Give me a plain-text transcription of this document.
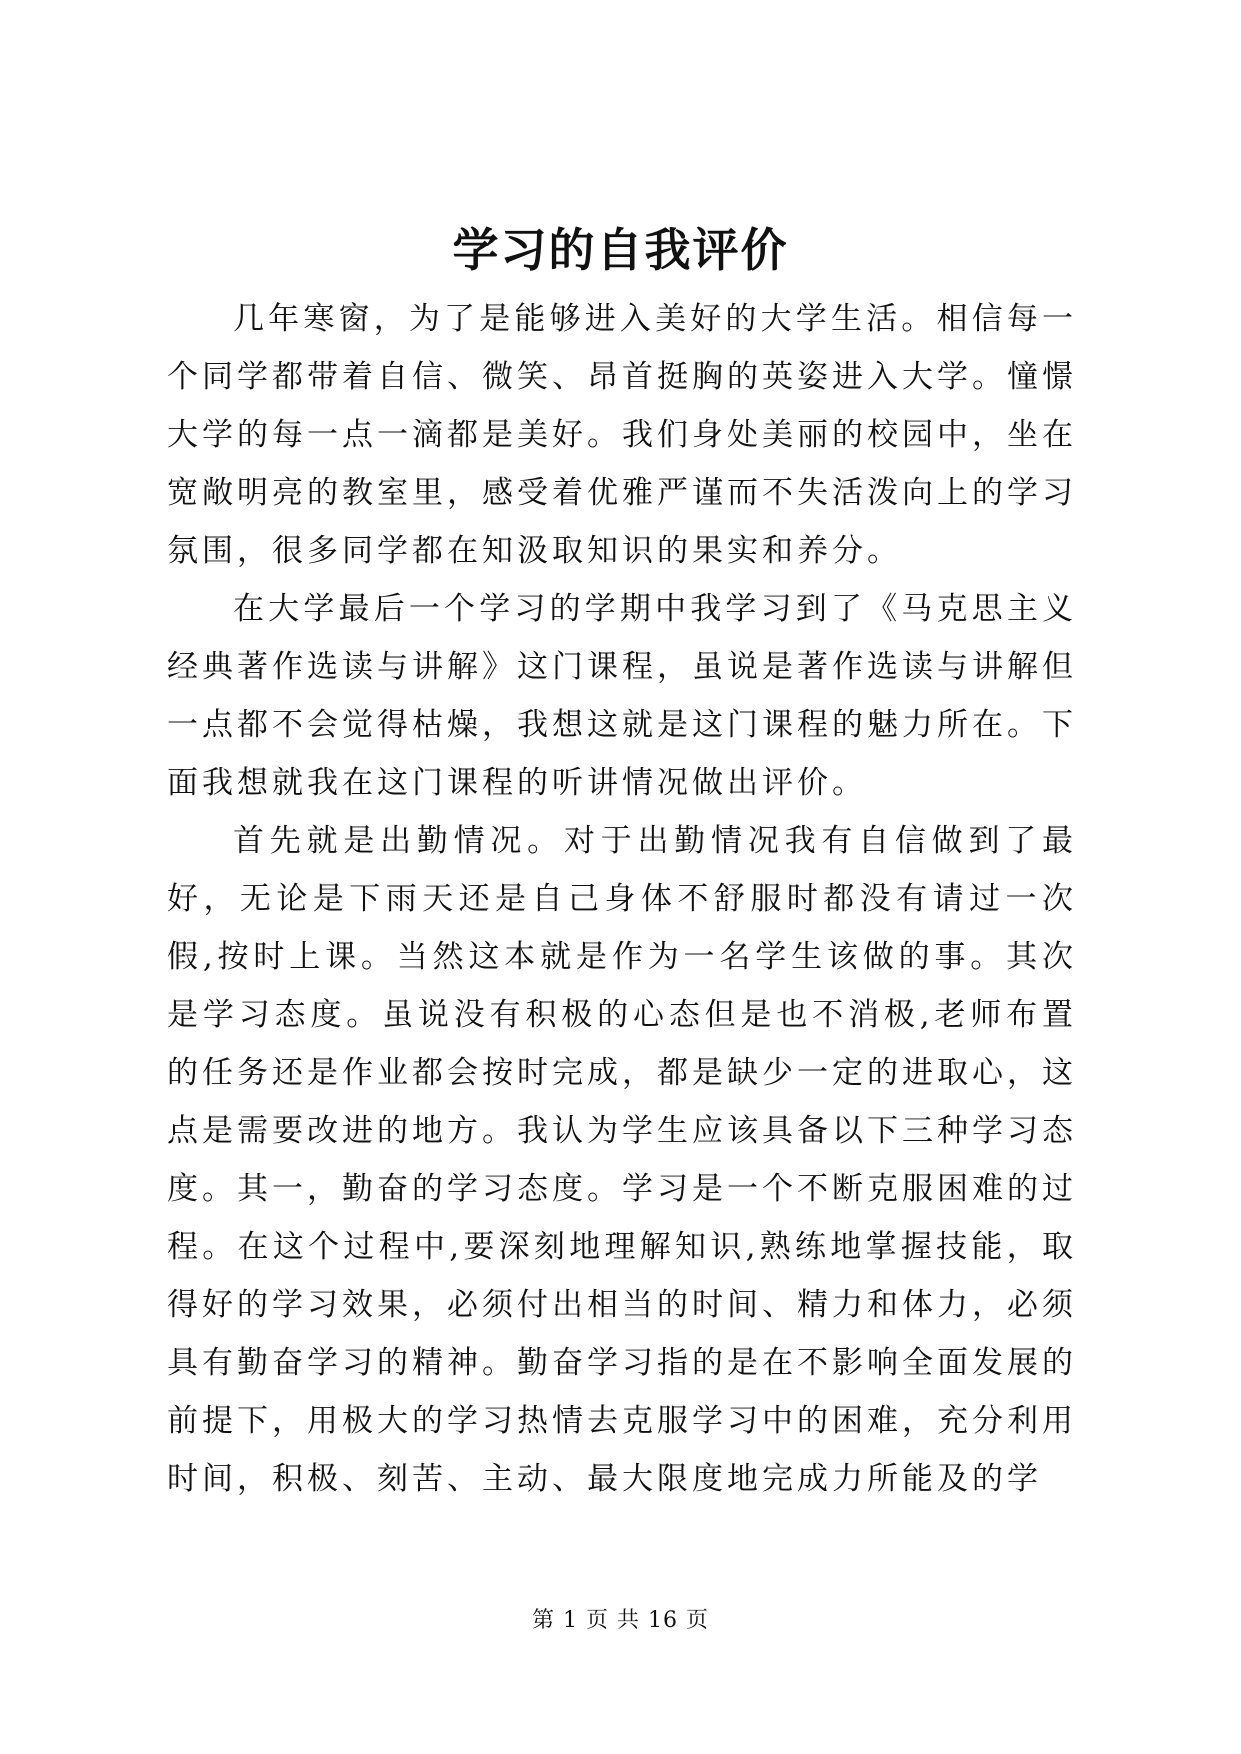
学习的自我评价

几年寒窗，为了是能够进入美好的大学生活。相信每一个同学都带着自信、微笑、昂首挺胸的英姿进入大学。憧憬大学的每一点一滴都是美好。我们身处美丽的校园中，坐在宽敞明亮的教室里，感受着优雅严谨而不失活泼向上的学习氛围，很多同学都在知汲取知识的果实和养分。

在大学最后一个学习的学期中我学习到了《马克思主义经典著作选读与讲解》这门课程，虽说是著作选读与讲解但一点都不会觉得枯燥，我想这就是这门课程的魅力所在。下面我想就我在这门课程的听讲情况做出评价。

首先就是出勤情况。对于出勤情况我有自信做到了最好，无论是下雨天还是自己身体不舒服时都没有请过一次假,按时上课。当然这本就是作为一名学生该做的事。其次是学习态度。虽说没有积极的心态但是也不消极,老师布置的任务还是作业都会按时完成，都是缺少一定的进取心，这点是需要改进的地方。我认为学生应该具备以下三种学习态度。其一，勤奋的学习态度。学习是一个不断克服困难的过程。在这个过程中,要深刻地理解知识,熟练地掌握技能，取得好的学习效果，必须付出相当的时间、精力和体力，必须具有勤奋学习的精神。勤奋学习指的是在不影响全面发展的前提下，用极大的学习热情去克服学习中的困难，充分利用时间，积极、刻苦、主动、最大限度地完成力所能及的学

第 1 页 共 16 页
